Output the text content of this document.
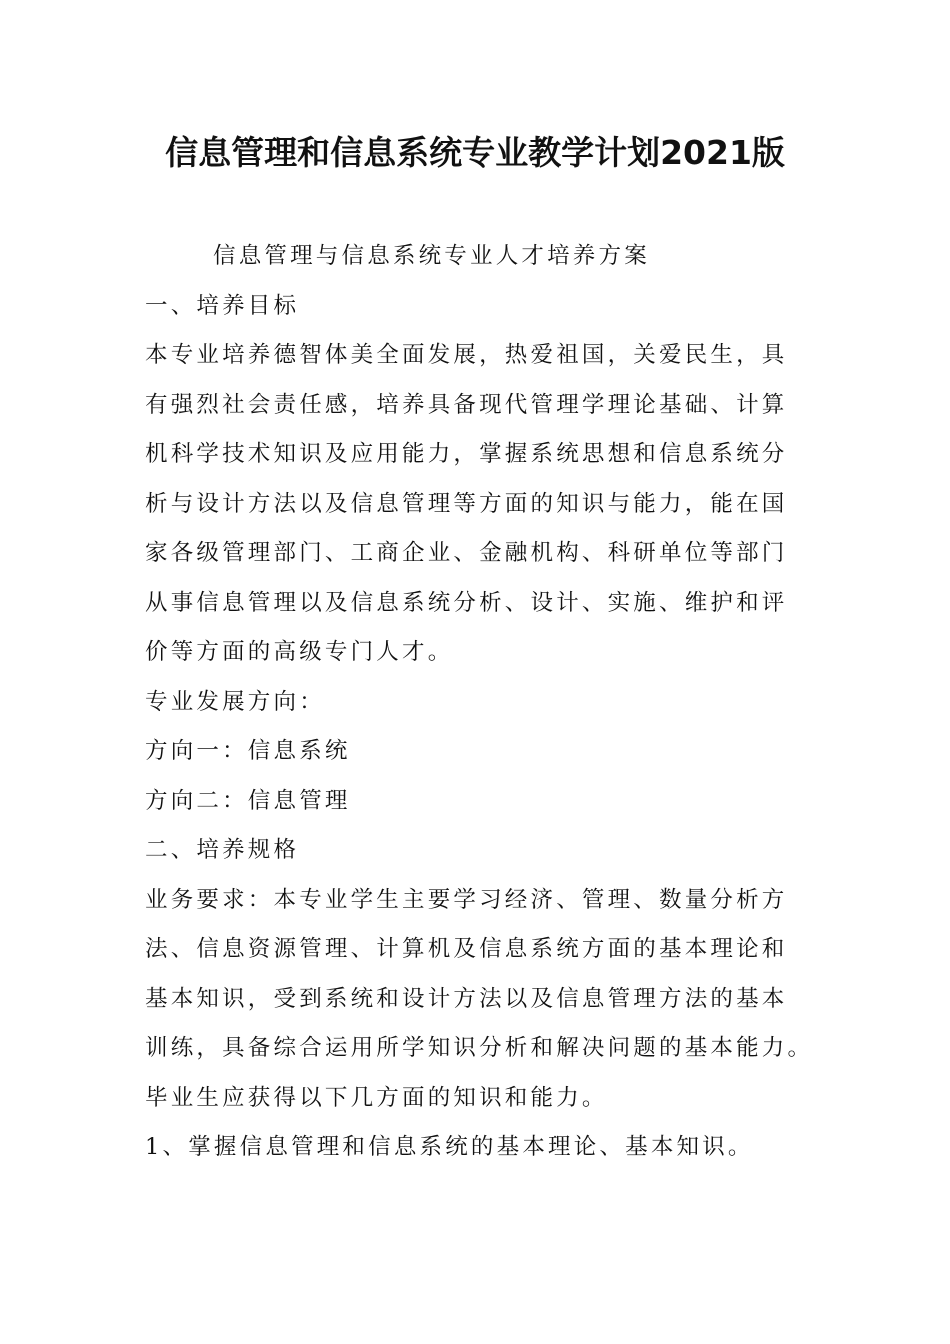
信息管理和信息系统专业教学计划2021版

信息管理与信息系统专业人才培养方案

一、培养目标

本专业培养德智体美全面发展，热爱祖国，关爱民生，具

有强烈社会责任感，培养具备现代管理学理论基础、计算

机科学技术知识及应用能力，掌握系统思想和信息系统分

析与设计方法以及信息管理等方面的知识与能力，能在国

家各级管理部门、工商企业、金融机构、科研单位等部门

从事信息管理以及信息系统分析、设计、实施、维护和评

价等方面的高级专门人才。

专业发展方向：

方向一：信息系统

方向二：信息管理

二、培养规格

业务要求：本专业学生主要学习经济、管理、数量分析方

法、信息资源管理、计算机及信息系统方面的基本理论和

基本知识，受到系统和设计方法以及信息管理方法的基本

训练，具备综合运用所学知识分析和解决问题的基本能力。

毕业生应获得以下几方面的知识和能力。

1、掌握信息管理和信息系统的基本理论、基本知识。
